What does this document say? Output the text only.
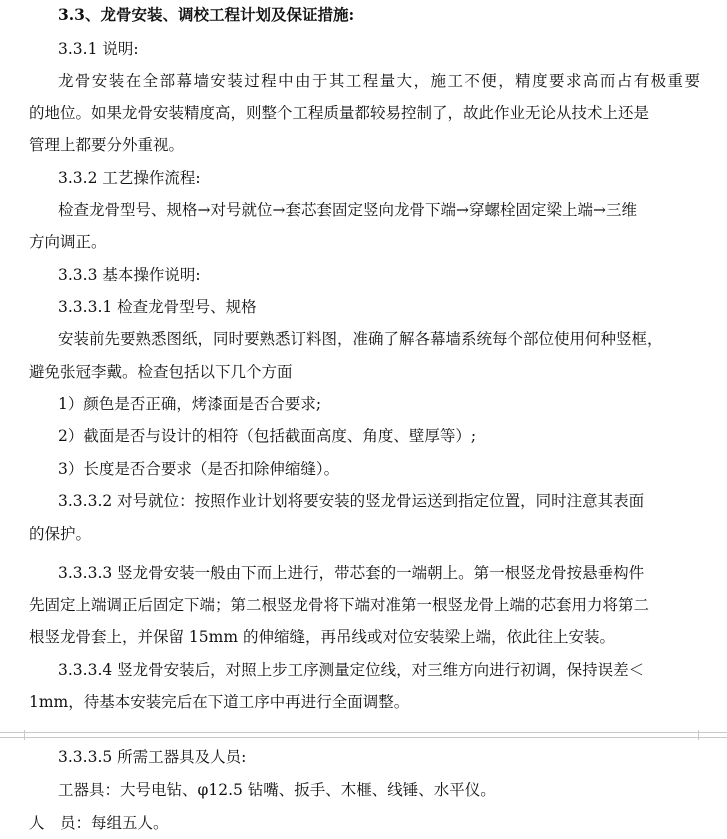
3.3、龙骨安装、调校工程计划及保证措施:
3.3.1 说明:
龙骨安装在全部幕墙安装过程中由于其工程量大，施工不便，精度要求高而占有极重要
的地位。如果龙骨安装精度高，则整个工程质量都较易控制了，故此作业无论从技术上还是
管理上都要分外重视。
3.3.2 工艺操作流程:
检查龙骨型号、规格→对号就位→套芯套固定竖向龙骨下端→穿螺栓固定梁上端→三维
方向调正。
3.3.3 基本操作说明:
3.3.3.1 检查龙骨型号、规格
安装前先要熟悉图纸，同时要熟悉订料图，准确了解各幕墙系统每个部位使用何种竖框，
避免张冠李戴。检查包括以下几个方面
1）颜色是否正确，烤漆面是否合要求;
2）截面是否与设计的相符（包括截面高度、角度、壁厚等）;
3）长度是否合要求（是否扣除伸缩缝）。
3.3.3.2 对号就位：按照作业计划将要安装的竖龙骨运送到指定位置，同时注意其表面
的保护。
3.3.3.3 竖龙骨安装一般由下而上进行，带芯套的一端朝上。第一根竖龙骨按悬垂构件
先固定上端调正后固定下端；第二根竖龙骨将下端对准第一根竖龙骨上端的芯套用力将第二
根竖龙骨套上，并保留 15mm 的伸缩缝，再吊线或对位安装梁上端，依此往上安装。
3.3.3.4 竖龙骨安装后，对照上步工序测量定位线，对三维方向进行初调，保持误差＜
1mm，待基本安装完后在下道工序中再进行全面调整。
3.3.3.5 所需工器具及人员:
工器具：大号电钻、φ12.5 钻嘴、扳手、木榧、线锤、水平仪。
人　员：每组五人。
